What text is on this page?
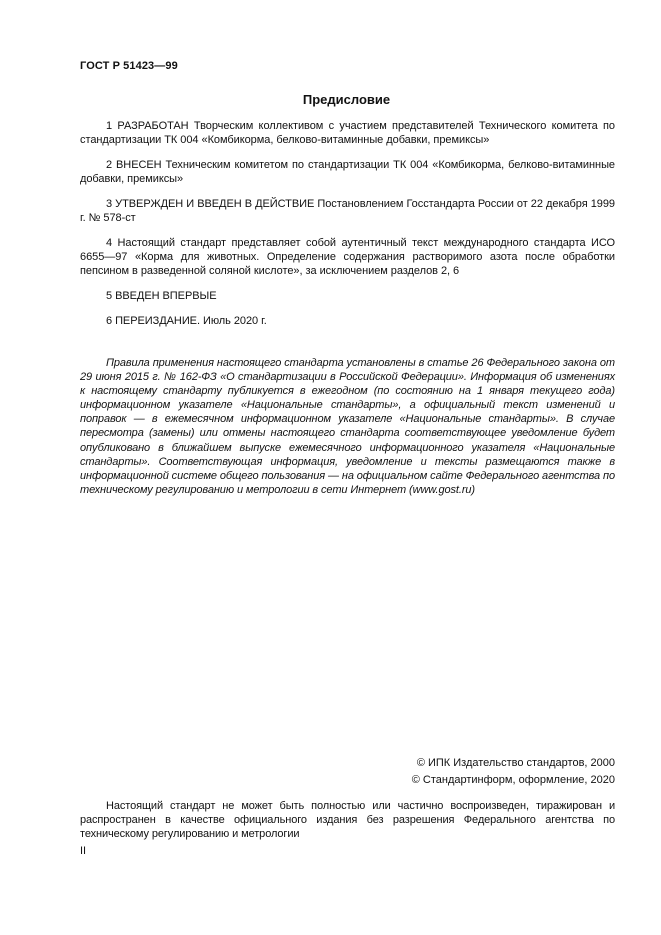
ГОСТ Р 51423—99
Предисловие

1 РАЗРАБОТАН Творческим коллективом с участием представителей Технического комитета по стандартизации ТК 004 «Комбикорма, белково-витаминные добавки, премиксы»

2 ВНЕСЕН Техническим комитетом по стандартизации ТК 004 «Комбикорма, белково-витаминные добавки, премиксы»

3 УТВЕРЖДЕН И ВВЕДЕН В ДЕЙСТВИЕ Постановлением Госстандарта России от 22 декабря 1999 г. № 578-ст

4 Настоящий стандарт представляет собой аутентичный текст международного стандарта ИСО 6655—97 «Корма для животных. Определение содержания растворимого азота после обработки пепсином в разведенной соляной кислоте», за исключением разделов 2, 6

5 ВВЕДЕН ВПЕРВЫЕ

6 ПЕРЕИЗДАНИЕ. Июль 2020 г.

Правила применения настоящего стандарта установлены в статье 26 Федерального закона от 29 июня 2015 г. № 162-ФЗ «О стандартизации в Российской Федерации». Информация об изменениях к настоящему стандарту публикуется в ежегодном (по состоянию на 1 января текущего года) информационном указателе «Национальные стандарты», а официальный текст изменений и поправок — в ежемесячном информационном указателе «Национальные стандарты». В случае пересмотра (замены) или отмены настоящего стандарта соответствующее уведомление будет опубликовано в ближайшем выпуске ежемесячного информационного указателя «Национальные стандарты». Соответствующая информация, уведомление и тексты размещаются также в информационной системе общего пользования — на официальном сайте Федерального агентства по техническому регулированию и метрологии в сети Интернет (www.gost.ru)

© ИПК Издательство стандартов, 2000
© Стандартинформ, оформление, 2020

Настоящий стандарт не может быть полностью или частично воспроизведен, тиражирован и распространен в качестве официального издания без разрешения Федерального агентства по техническому регулированию и метрологии

II
